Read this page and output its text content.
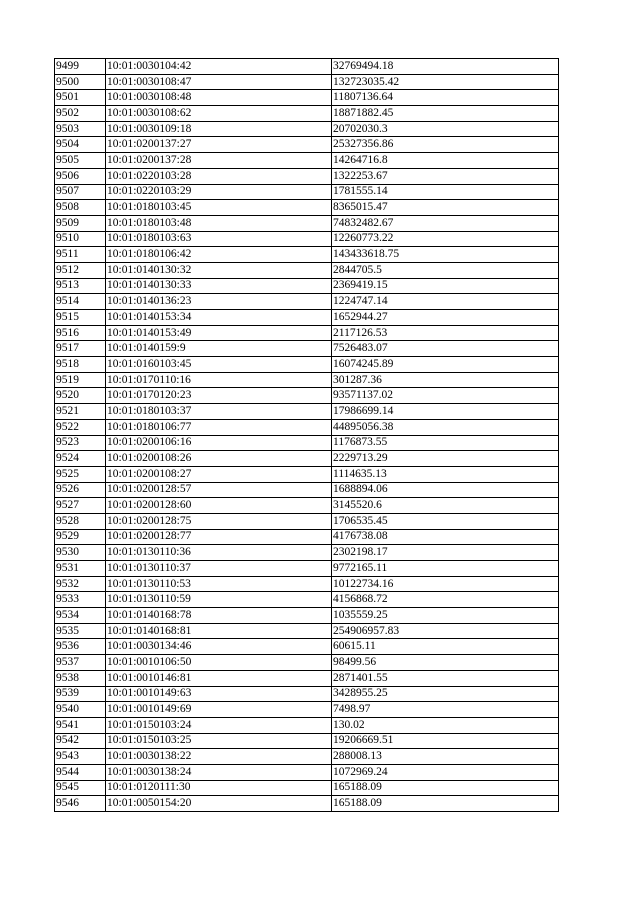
9499	10:01:0030104:42	32769494.18
9500	10:01:0030108:47	132723035.42
9501	10:01:0030108:48	11807136.64
9502	10:01:0030108:62	18871882.45
9503	10:01:0030109:18	20702030.3
9504	10:01:0200137:27	25327356.86
9505	10:01:0200137:28	14264716.8
9506	10:01:0220103:28	1322253.67
9507	10:01:0220103:29	1781555.14
9508	10:01:0180103:45	8365015.47
9509	10:01:0180103:48	74832482.67
9510	10:01:0180103:63	12260773.22
9511	10:01:0180106:42	143433618.75
9512	10:01:0140130:32	2844705.5
9513	10:01:0140130:33	2369419.15
9514	10:01:0140136:23	1224747.14
9515	10:01:0140153:34	1652944.27
9516	10:01:0140153:49	2117126.53
9517	10:01:0140159:9	7526483.07
9518	10:01:0160103:45	16074245.89
9519	10:01:0170110:16	301287.36
9520	10:01:0170120:23	93571137.02
9521	10:01:0180103:37	17986699.14
9522	10:01:0180106:77	44895056.38
9523	10:01:0200106:16	1176873.55
9524	10:01:0200108:26	2229713.29
9525	10:01:0200108:27	1114635.13
9526	10:01:0200128:57	1688894.06
9527	10:01:0200128:60	3145520.6
9528	10:01:0200128:75	1706535.45
9529	10:01:0200128:77	4176738.08
9530	10:01:0130110:36	2302198.17
9531	10:01:0130110:37	9772165.11
9532	10:01:0130110:53	10122734.16
9533	10:01:0130110:59	4156868.72
9534	10:01:0140168:78	1035559.25
9535	10:01:0140168:81	254906957.83
9536	10:01:0030134:46	60615.11
9537	10:01:0010106:50	98499.56
9538	10:01:0010146:81	2871401.55
9539	10:01:0010149:63	3428955.25
9540	10:01:0010149:69	7498.97
9541	10:01:0150103:24	130.02
9542	10:01:0150103:25	19206669.51
9543	10:01:0030138:22	288008.13
9544	10:01:0030138:24	1072969.24
9545	10:01:0120111:30	165188.09
9546	10:01:0050154:20	165188.09
